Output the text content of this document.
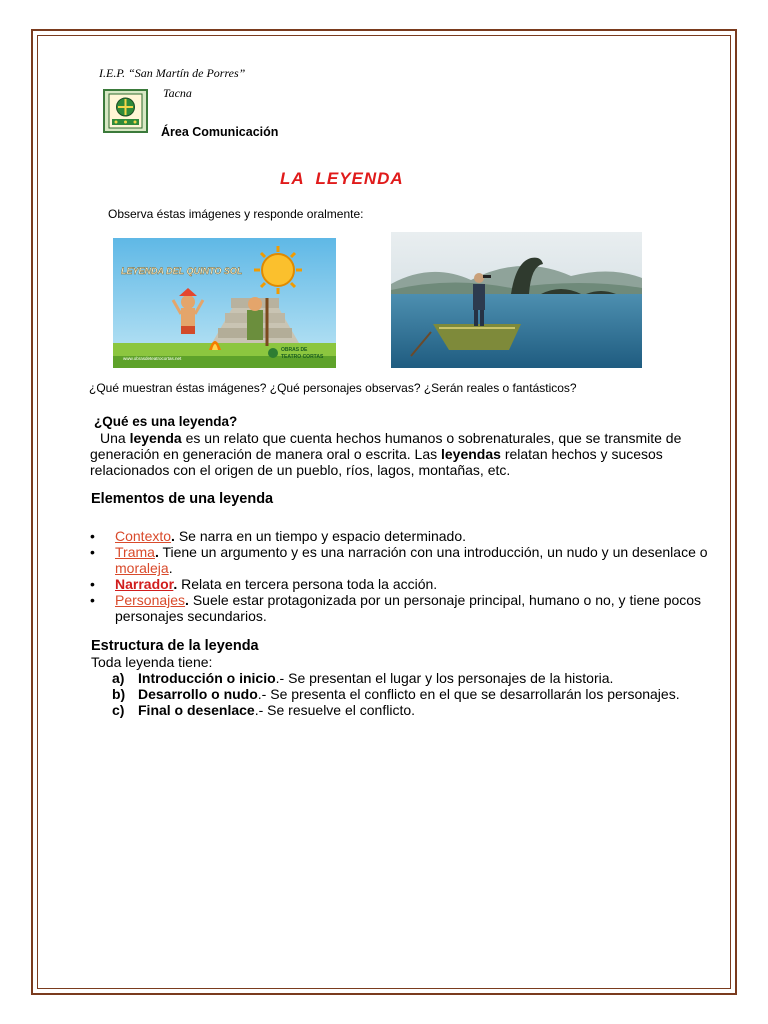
I.E.P. “San Martín de Porres”
Tacna
Área Comunicación
LA  LEYENDA
Observa éstas imágenes y responde oralmente:
LEYENDA DEL QUINTO SOL
www.obrasdeteatrocortas.net
OBRAS DE
TEATRO CORTAS
¿Qué muestran éstas imágenes? ¿Qué personajes observas? ¿Serán reales o fantásticos?
¿Qué es una leyenda?
Una leyenda es un relato que cuenta hechos humanos o sobrenaturales, que se transmite de generación en generación de manera oral o escrita. Las leyendas relatan hechos y sucesos relacionados con el origen de un pueblo, ríos, lagos, montañas, etc.
Elementos de una leyenda
• Contexto. Se narra en un tiempo y espacio determinado.
• Trama. Tiene un argumento y es una narración con una introducción, un nudo y un desenlace o moraleja.
• Narrador. Relata en tercera persona toda la acción.
• Personajes. Suele estar protagonizada por un personaje principal, humano o no, y tiene pocos personajes secundarios.
Estructura de la leyenda
Toda leyenda tiene:
a) Introducción o inicio.- Se presentan el lugar y los personajes de la historia.
b) Desarrollo o nudo.- Se presenta el conflicto en el que se desarrollarán los personajes.
c) Final o desenlace.- Se resuelve el conflicto.
